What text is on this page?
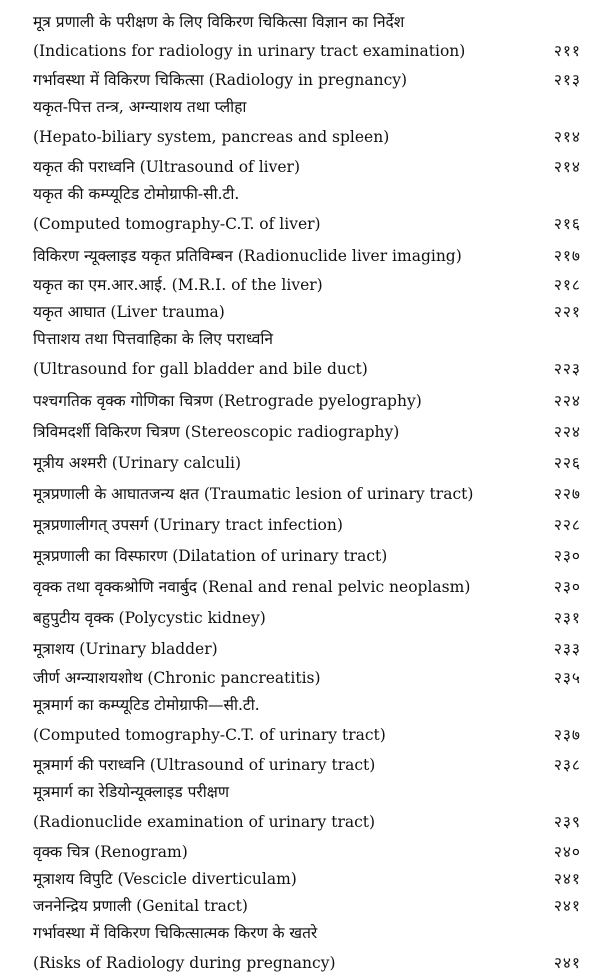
मूत्र प्रणाली के परीक्षण के लिए विकिरण चिकित्सा विज्ञान का निर्देश
(Indications for radiology in urinary tract examination)	२११
गर्भावस्था में विकिरण चिकित्सा (Radiology in pregnancy)	२१३
यकृत-पित्त तन्त्र, अग्न्याशय तथा प्लीहा
(Hepato-biliary system, pancreas and spleen)	२१४
यकृत की पराध्वनि (Ultrasound of liver)	२१४
यकृत की कम्प्यूटिड टोमोग्राफी-सी.टी.
(Computed tomography-C.T. of liver)	२१६
विकिरण न्यूक्लाइड यकृत प्रतिविम्बन (Radionuclide liver imaging)	२१७
यकृत का एम.आर.आई. (M.R.I. of the liver)	२१८
यकृत आघात (Liver trauma)	२२१
पित्ताशय तथा पित्तवाहिका के लिए पराध्वनि
(Ultrasound for gall bladder and bile duct)	२२३
पश्चगतिक वृक्क गोणिका चित्रण (Retrograde pyelography)	२२४
त्रिविमदर्शी विकिरण चित्रण (Stereoscopic radiography)	२२४
मूत्रीय अश्मरी (Urinary calculi)	२२६
मूत्रप्रणाली के आघातजन्य क्षत (Traumatic lesion of urinary tract)	२२७
मूत्रप्रणालीगत् उपसर्ग (Urinary tract infection)	२२८
मूत्रप्रणाली का विस्फारण (Dilatation of urinary tract)	२३०
वृक्क तथा वृक्कश्रोणि नवार्बुद (Renal and renal pelvic neoplasm)	२३०
बहुपुटीय वृक्क (Polycystic kidney)	२३१
मूत्राशय (Urinary bladder)	२३३
जीर्ण अग्न्याशयशोथ (Chronic pancreatitis)	२३५
मूत्रमार्ग का कम्प्यूटिड टोमोग्राफी—सी.टी.
(Computed tomography-C.T. of urinary tract)	२३७
मूत्रमार्ग की पराध्वनि (Ultrasound of urinary tract)	२३८
मूत्रमार्ग का रेडियोन्यूक्लाइड परीक्षण
(Radionuclide examination of urinary tract)	२३९
वृक्क चित्र (Renogram)	२४०
मूत्राशय विपुटि (Vescicle diverticulam)	२४१
जननेन्द्रिय प्रणाली (Genital tract)	२४१
गर्भावस्था में विकिरण चिकित्सात्मक किरण के खतरे
(Risks of Radiology during pregnancy)	२४१
